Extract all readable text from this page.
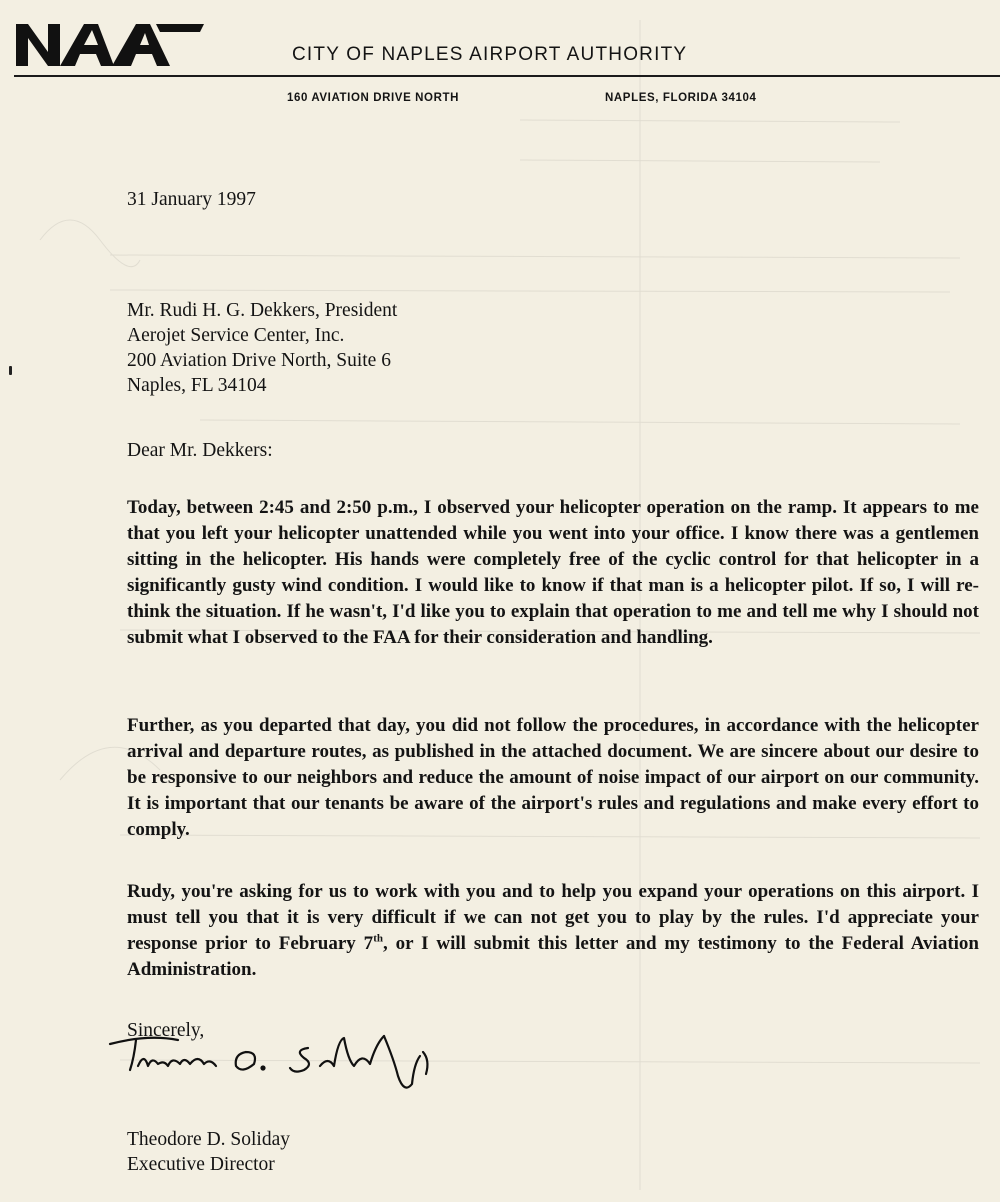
CITY OF NAPLES AIRPORT AUTHORITY
160 AVIATION DRIVE NORTH	NAPLES, FLORIDA 34104
31 January 1997
Mr. Rudi H. G. Dekkers, President
Aerojet Service Center, Inc.
200 Aviation Drive North, Suite 6
Naples, FL 34104
Dear Mr. Dekkers:
Today, between 2:45 and 2:50 p.m., I observed your helicopter operation on the ramp. It appears to me that you left your helicopter unattended while you went into your office. I know there was a gentlemen sitting in the helicopter. His hands were completely free of the cyclic control for that helicopter in a significantly gusty wind condition. I would like to know if that man is a helicopter pilot. If so, I will re-think the situation. If he wasn't, I'd like you to explain that operation to me and tell me why I should not submit what I observed to the FAA for their consideration and handling.
Further, as you departed that day, you did not follow the procedures, in accordance with the helicopter arrival and departure routes, as published in the attached document. We are sincere about our desire to be responsive to our neighbors and reduce the amount of noise impact of our airport on our community. It is important that our tenants be aware of the airport's rules and regulations and make every effort to comply.
Rudy, you're asking for us to work with you and to help you expand your operations on this airport. I must tell you that it is very difficult if we can not get you to play by the rules. I'd appreciate your response prior to February 7th, or I will submit this letter and my testimony to the Federal Aviation Administration.
Sincerely,
Theodore D. Soliday
Executive Director
